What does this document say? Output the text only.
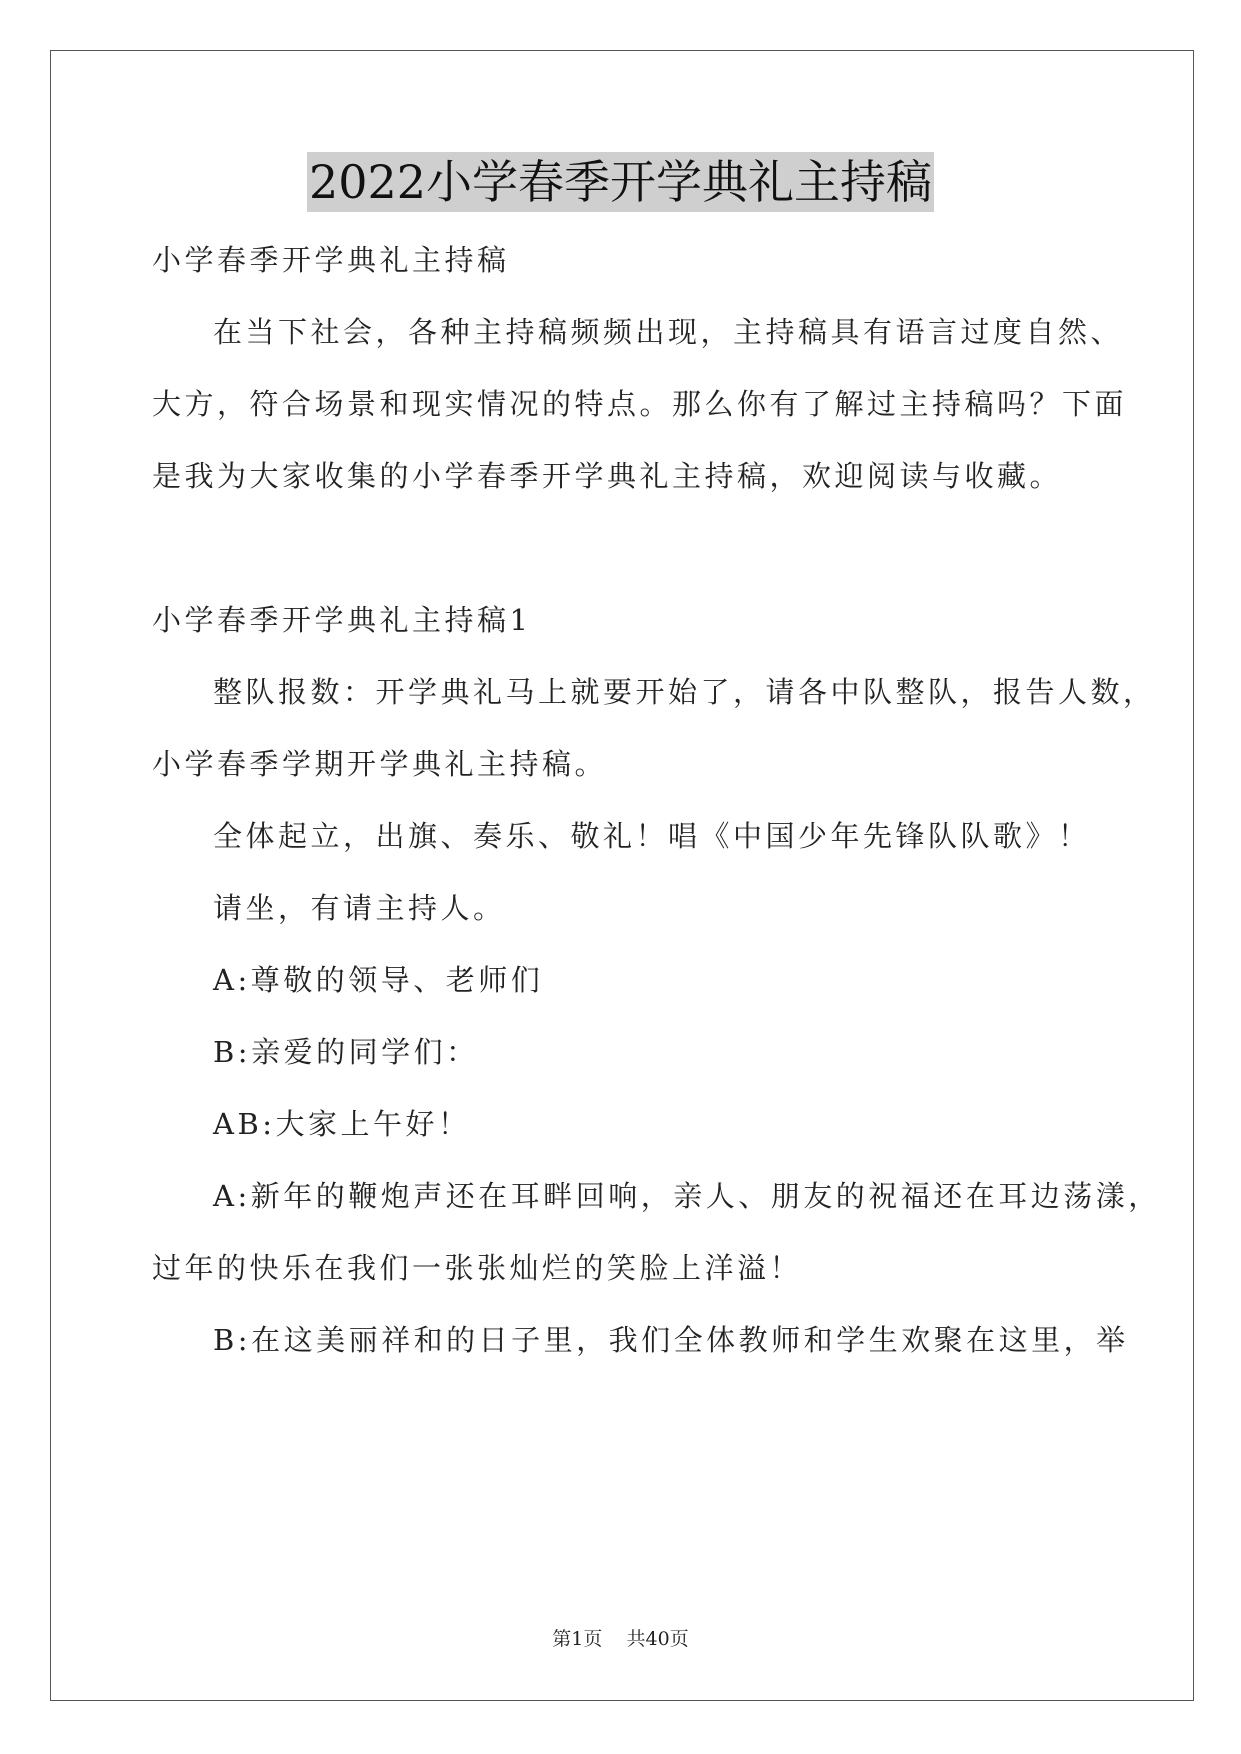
2022小学春季开学典礼主持稿
小学春季开学典礼主持稿
在当下社会，各种主持稿频频出现，主持稿具有语言过度自然、
大方，符合场景和现实情况的特点。那么你有了解过主持稿吗？下面
是我为大家收集的小学春季开学典礼主持稿，欢迎阅读与收藏。
小学春季开学典礼主持稿1
整队报数：开学典礼马上就要开始了，请各中队整队，报告人数，
小学春季学期开学典礼主持稿。
全体起立，出旗、奏乐、敬礼！唱《中国少年先锋队队歌》！
请坐，有请主持人。
A:尊敬的领导、老师们
B:亲爱的同学们：
AB:大家上午好！
A:新年的鞭炮声还在耳畔回响，亲人、朋友的祝福还在耳边荡漾，
过年的快乐在我们一张张灿烂的笑脸上洋溢！
B:在这美丽祥和的日子里，我们全体教师和学生欢聚在这里，举
第1页 共40页
